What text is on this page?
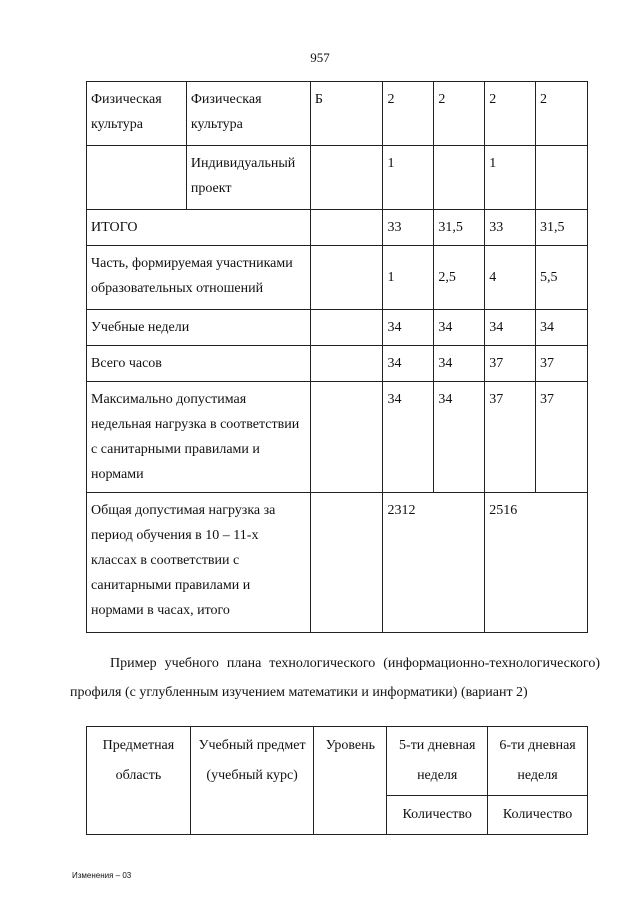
957
Физическая культура	Физическая культура	Б	2	2	2	2
	Индивидуальный проект		1		1	
ИТОГО			33	31,5	33	31,5
Часть, формируемая участниками образовательных отношений			1	2,5	4	5,5
Учебные недели			34	34	34	34
Всего часов			34	34	37	37
Максимально допустимая недельная нагрузка в соответствии с санитарными правилами и нормами			34	34	37	37
Общая допустимая нагрузка за период обучения в 10 – 11-х классах в соответствии с санитарными правилами и нормами в часах, итого			2312		2516	
Пример учебного плана технологического (информационно-технологического) профиля (с углубленным изучением математики и информатики) (вариант 2)
Предметная область	Учебный предмет (учебный курс)	Уровень	5-ти дневная неделя	6-ти дневная неделя
			Количество	Количество
Изменения – 03
